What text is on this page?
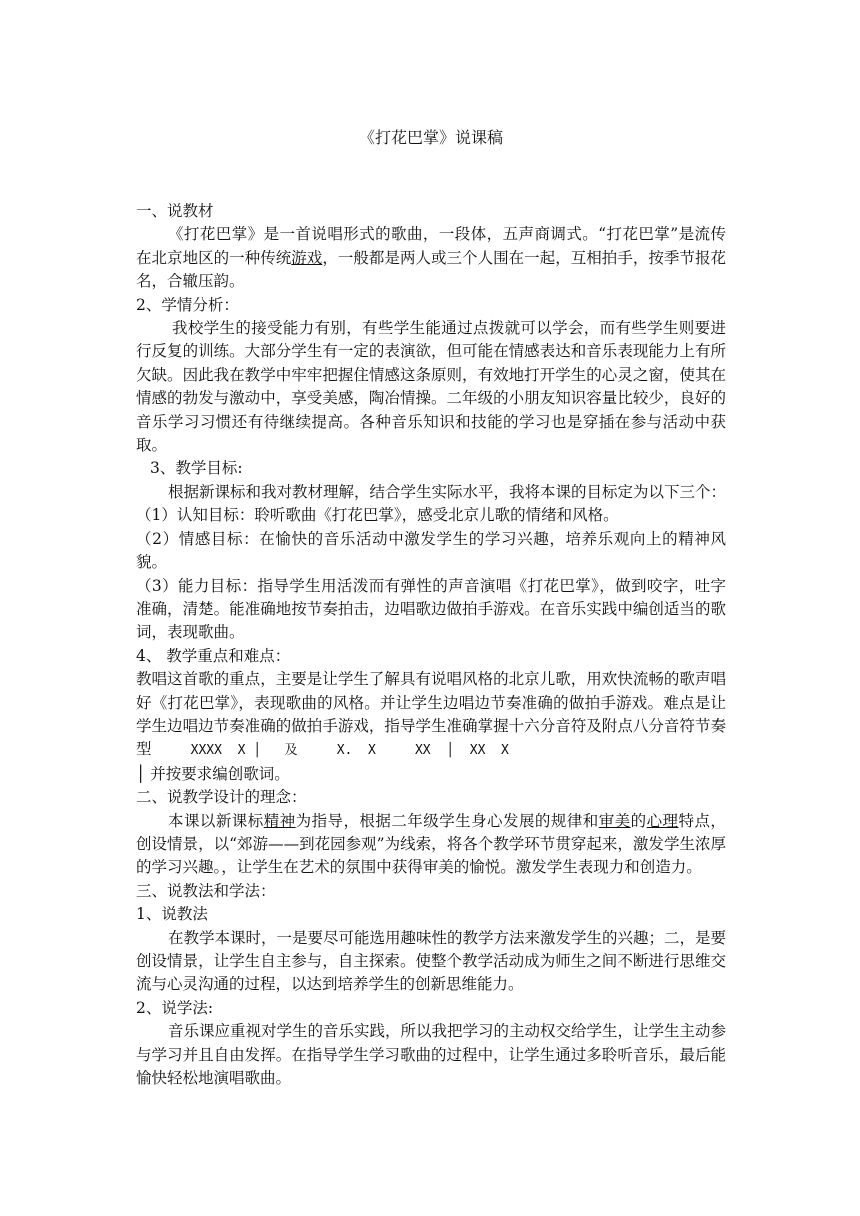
《打花巴掌》说课稿

一、说教材

《打花巴掌》是一首说唱形式的歌曲，一段体，五声商调式。“打花巴掌”是流传在北京地区的一种传统游戏，一般都是两人或三个人围在一起，互相拍手，按季节报花名，合辙压韵。

2、学情分析：

我校学生的接受能力有别，有些学生能通过点拨就可以学会，而有些学生则要进行反复的训练。大部分学生有一定的表演欲，但可能在情感表达和音乐表现能力上有所欠缺。因此我在教学中牢牢把握住情感这条原则，有效地打开学生的心灵之窗，使其在情感的勃发与激动中，享受美感，陶冶情操。二年级的小朋友知识容量比较少，良好的音乐学习习惯还有待继续提高。各种音乐知识和技能的学习也是穿插在参与活动中获取。

3、教学目标:

根据新课标和我对教材理解，结合学生实际水平，我将本课的目标定为以下三个：

（1）认知目标：聆听歌曲《打花巴掌》，感受北京儿歌的情绪和风格。

（2）情感目标：在愉快的音乐活动中激发学生的学习兴趣，培养乐观向上的精神风貌。

（3）能力目标：指导学生用活泼而有弹性的声音演唱《打花巴掌》，做到咬字，吐字准确，清楚。能准确地按节奏拍击，边唱歌边做拍手游戏。在音乐实践中编创适当的歌词，表现歌曲。

4、 教学重点和难点：

教唱这首歌的重点，主要是让学生了解具有说唱风格的北京儿歌，用欢快流畅的歌声唱好《打花巴掌》，表现歌曲的风格。并让学生边唱边节奏准确的做拍手游戏。难点是让学生边唱边节奏准确的做拍手游戏，指导学生准确掌握十六分音符及附点八分音符节奏型     XXXX  X │   及     X.  X     XX  │  XX  X
│ 并按要求编创歌词。

二、说教学设计的理念：

本课以新课标精神为指导，根据二年级学生身心发展的规律和审美的心理特点，创设情景，以“郊游——到花园参观”为线索，将各个教学环节贯穿起来，激发学生浓厚的学习兴趣。，让学生在艺术的氛围中获得审美的愉悦。激发学生表现力和创造力。

三、说教法和学法：

1、说教法

在教学本课时，一是要尽可能选用趣味性的教学方法来激发学生的兴趣；二，是要创设情景，让学生自主参与，自主探索。使整个教学活动成为师生之间不断进行思维交流与心灵沟通的过程，以达到培养学生的创新思维能力。

2、说学法:

音乐课应重视对学生的音乐实践，所以我把学习的主动权交给学生，让学生主动参与学习并且自由发挥。在指导学生学习歌曲的过程中，让学生通过多聆听音乐，最后能愉快轻松地演唱歌曲。
